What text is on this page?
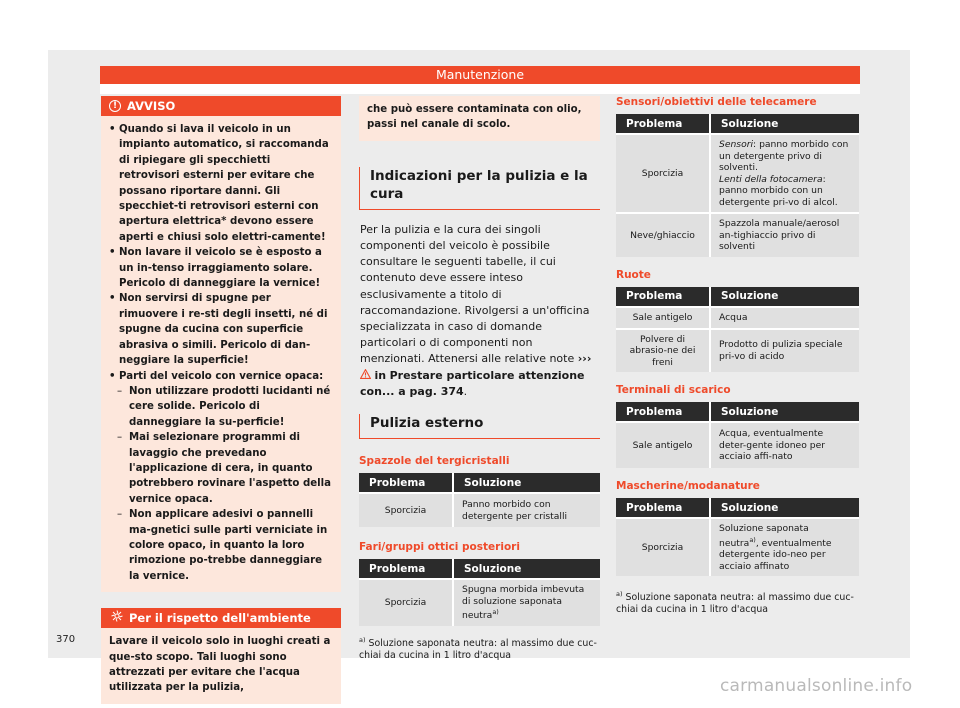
Manutenzione
! AVVISO
• Quando si lava il veicolo in un impianto automatico, si raccomanda di ripiegare gli specchietti retrovisori esterni per evitare che possano riportare danni. Gli specchiet-ti retrovisori esterni con apertura elettrica* devono essere aperti e chiusi solo elettri-camente!
• Non lavare il veicolo se è esposto a un in-tenso irraggiamento solare. Pericolo di danneggiare la vernice!
• Non servirsi di spugne per rimuovere i re-sti degli insetti, né di spugne da cucina con superficie abrasiva o simili. Pericolo di dan-neggiare la superficie!
• Parti del veicolo con vernice opaca:
– Non utilizzare prodotti lucidanti né cere solide. Pericolo di danneggiare la su-perficie!
– Mai selezionare programmi di lavaggio che prevedano l'applicazione di cera, in quanto potrebbero rovinare l'aspetto della vernice opaca.
– Non applicare adesivi o pannelli ma-gnetici sulle parti verniciate in colore opaco, in quanto la loro rimozione po-trebbe danneggiare la vernice.
Per il rispetto dell'ambiente
Lavare il veicolo solo in luoghi creati a que-sto scopo. Tali luoghi sono attrezzati per evitare che l'acqua utilizzata per la pulizia,
che può essere contaminata con olio, passi nel canale di scolo.
Indicazioni per la pulizia e la cura
Per la pulizia e la cura dei singoli componenti del veicolo è possibile consultare le seguenti tabelle, il cui contenuto deve essere inteso esclusivamente a titolo di raccomandazione. Rivolgersi a un'officina specializzata in caso di domande particolari o di componenti non menzionati. Attenersi alle relative note ›››  in Prestare particolare attenzione con... a pag. 374.
Pulizia esterno
Spazzole del tergicristalli
Problema	Soluzione
Sporcizia	Panno morbido con detergente per cristalli
Fari/gruppi ottici posteriori
Problema	Soluzione
Sporcizia	Spugna morbida imbevuta di soluzione saponata neutra$^{a)}$
$^{a)}$ Soluzione saponata neutra: al massimo due cuc-chiai da cucina in 1 litro d'acqua
Sensori/obiettivi delle telecamere
Problema	Soluzione
Sporcizia	Sensori: panno morbido con un detergente privo di solventi.
Lenti della fotocamera: panno morbido con un detergente pri-vo di alcol.
Neve/ghiaccio	Spazzola manuale/aerosol an-tighiaccio privo di solventi
Ruote
Problema	Soluzione
Sale antigelo	Acqua
Polvere di abrasio-ne dei freni	Prodotto di pulizia speciale pri-vo di acido
Terminali di scarico
Problema	Soluzione
Sale antigelo	Acqua, eventualmente deter-gente idoneo per acciaio affi-nato
Mascherine/modanature
Problema	Soluzione
Sporcizia	Soluzione saponata neutra$^{a)}$, eventualmente detergente ido-neo per acciaio affinato
$^{a)}$ Soluzione saponata neutra: al massimo due cuc-chiai da cucina in 1 litro d'acqua
370
carmanualsonline.info
